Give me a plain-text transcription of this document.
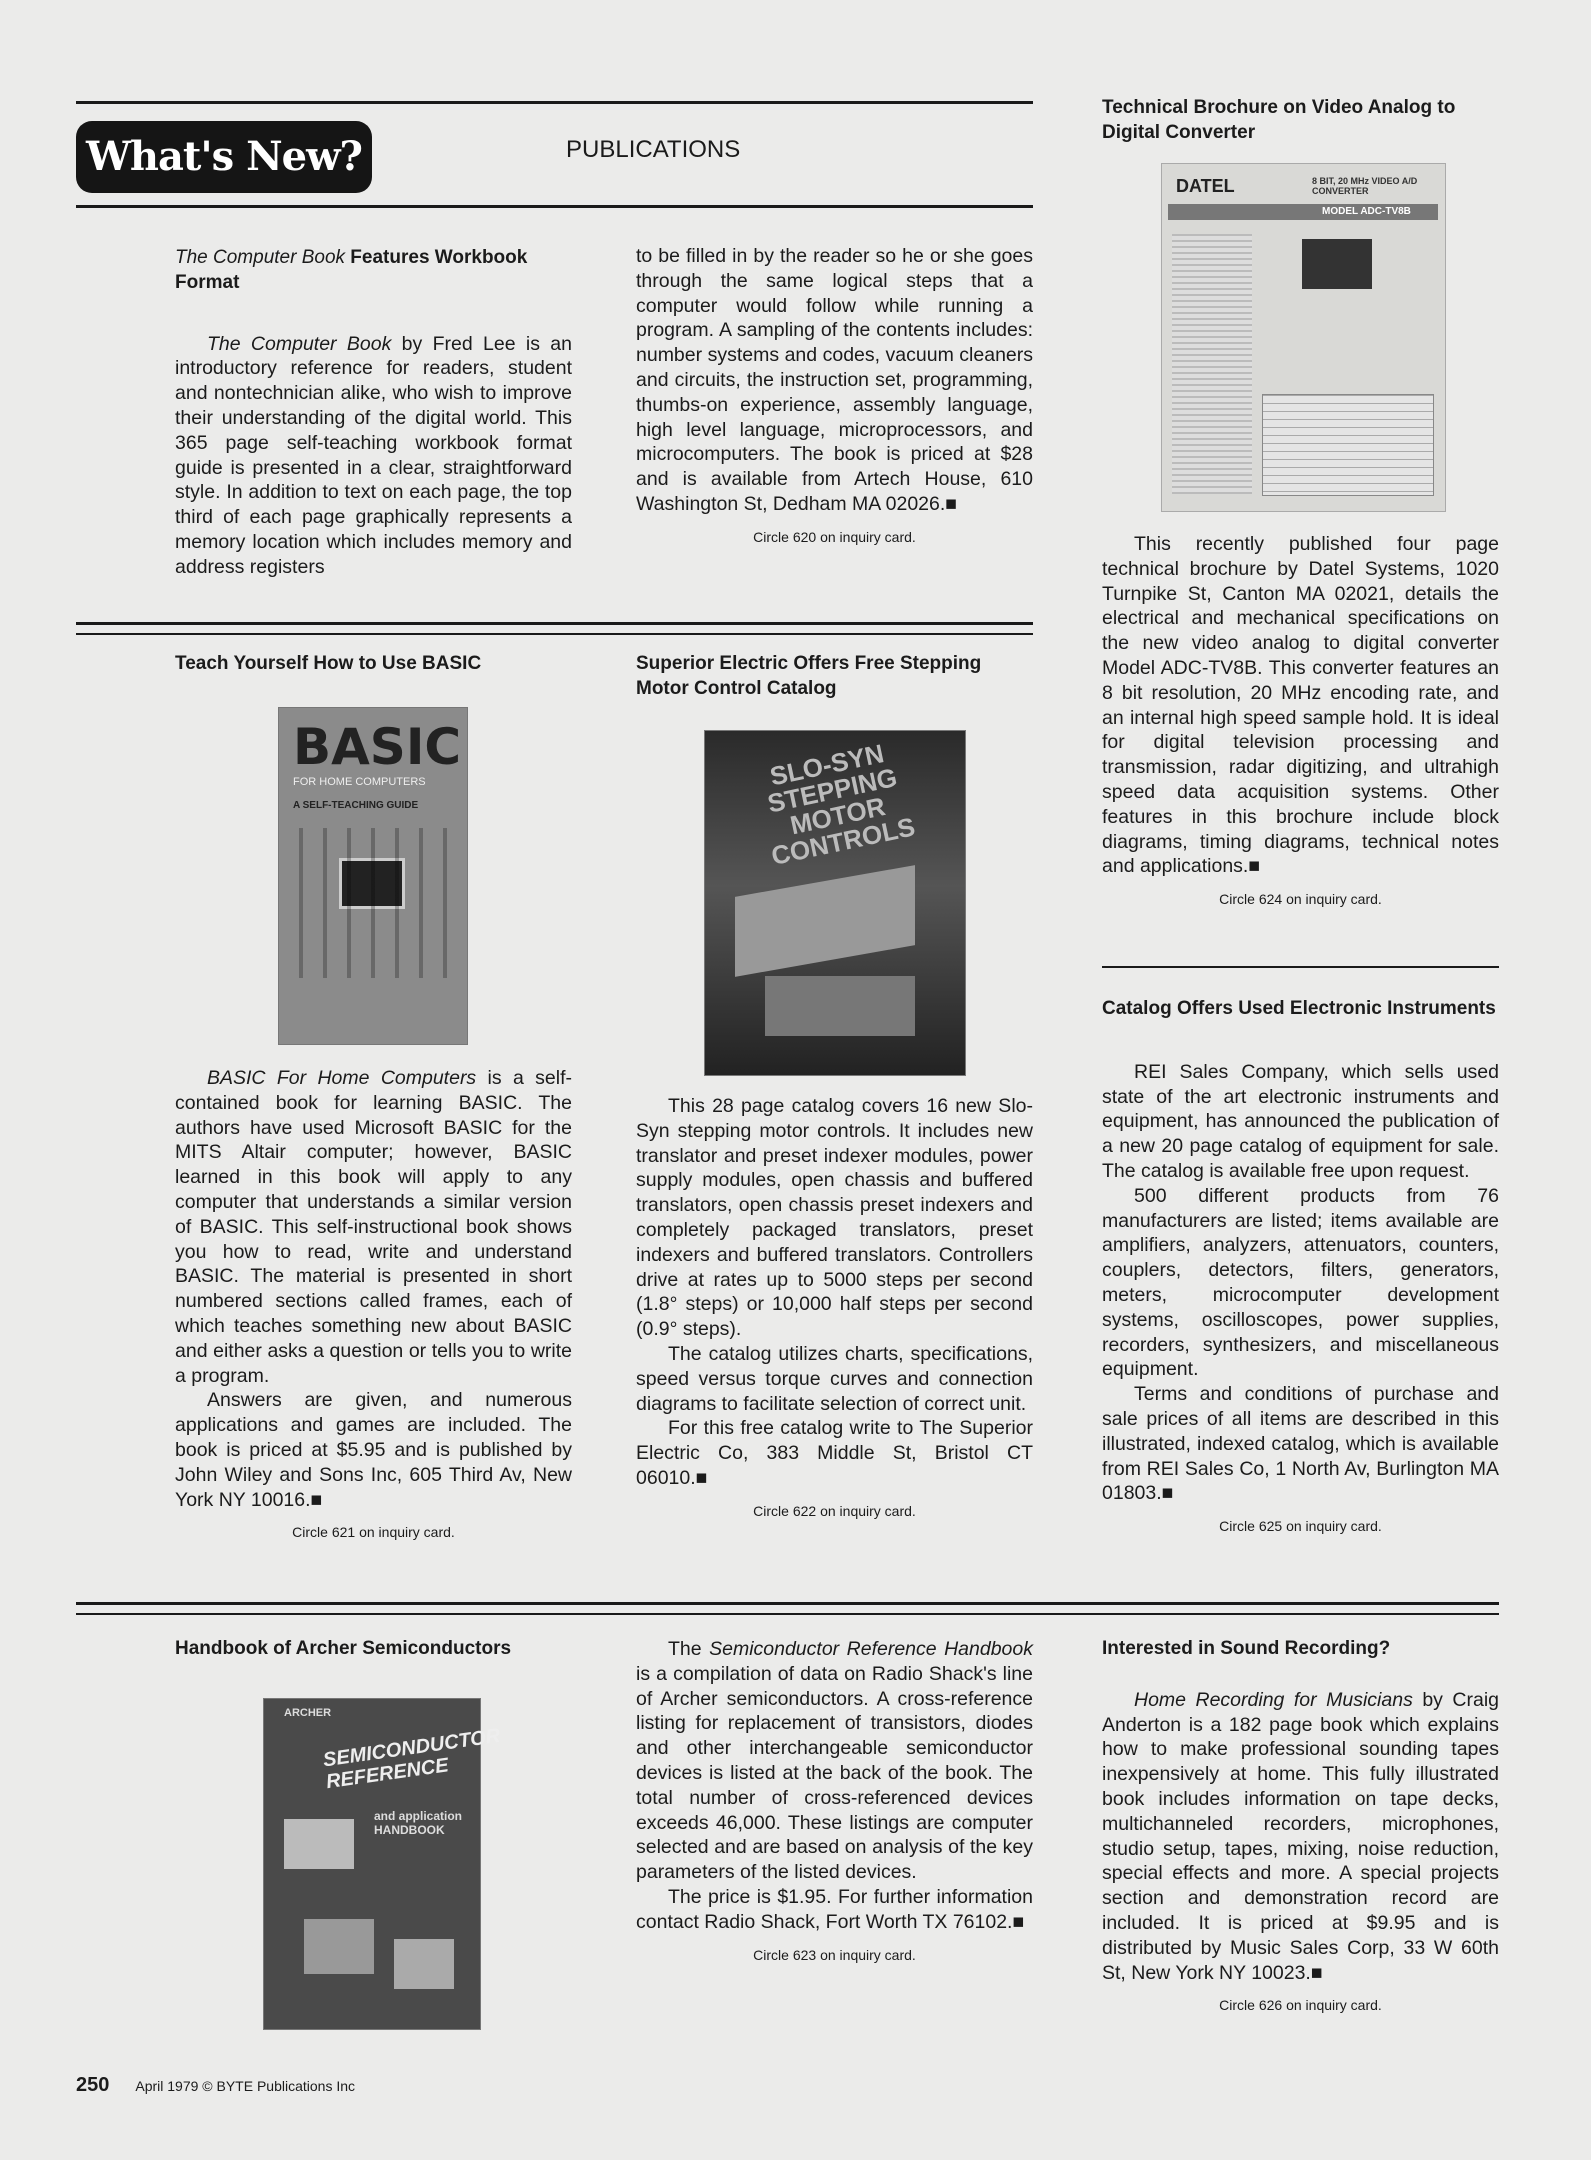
What's New?	PUBLICATIONS
The Computer Book Features Workbook Format

The Computer Book by Fred Lee is an introductory reference for readers, student and nontechnician alike, who wish to improve their understanding of the digital world. This 365 page self-teaching workbook format guide is presented in a clear, straightforward style. In addition to text on each page, the top third of each page graphically represents a memory location which includes memory and address registers

to be filled in by the reader so he or she goes through the same logical steps that a computer would follow while running a program. A sampling of the contents includes: number systems and codes, vacuum cleaners and circuits, the instruction set, programming, thumbs-on experience, assembly language, high level language, microprocessors, and microcomputers. The book is priced at $28 and is available from Artech House, 610 Washington St, Dedham MA 02026.■

Circle 620 on inquiry card.
Technical Brochure on Video Analog to Digital Converter
DATEL	8 BIT, 20 MHz VIDEO A/D CONVERTER
MODEL ADC-TV8B

This recently published four page technical brochure by Datel Systems, 1020 Turnpike St, Canton MA 02021, details the electrical and mechanical specifications on the new video analog to digital converter Model ADC-TV8B. This converter features an 8 bit resolution, 20 MHz encoding rate, and an internal high speed sample hold. It is ideal for digital television processing and transmission, radar digitizing, and ultrahigh speed data acquisition systems. Other features in this brochure include block diagrams, timing diagrams, technical notes and applications.■

Circle 624 on inquiry card.
Teach Yourself How to Use BASIC
BASIC
FOR HOME COMPUTERS
A SELF-TEACHING GUIDE

BASIC For Home Computers is a self-contained book for learning BASIC. The authors have used Microsoft BASIC for the MITS Altair computer; however, BASIC learned in this book will apply to any computer that understands a similar version of BASIC. This self-instructional book shows you how to read, write and understand BASIC. The material is presented in short numbered sections called frames, each of which teaches something new about BASIC and either asks a question or tells you to write a program.

Answers are given, and numerous applications and games are included. The book is priced at $5.95 and is published by John Wiley and Sons Inc, 605 Third Av, New York NY 10016.■

Circle 621 on inquiry card.
Superior Electric Offers Free Stepping Motor Control Catalog
SLO-SYN STEPPING MOTOR CONTROLS

This 28 page catalog covers 16 new Slo-Syn stepping motor controls. It includes new translator and preset indexer modules, power supply modules, open chassis and buffered translators, open chassis preset indexers and completely packaged translators, preset indexers and buffered translators. Controllers drive at rates up to 5000 steps per second (1.8° steps) or 10,000 half steps per second (0.9° steps).

The catalog utilizes charts, specifications, speed versus torque curves and connection diagrams to facilitate selection of correct unit.

For this free catalog write to The Superior Electric Co, 383 Middle St, Bristol CT 06010.■

Circle 622 on inquiry card.
Catalog Offers Used Electronic Instruments

REI Sales Company, which sells used state of the art electronic instruments and equipment, has announced the publication of a new 20 page catalog of equipment for sale. The catalog is available free upon request.

500 different products from 76 manufacturers are listed; items available are amplifiers, analyzers, attenuators, counters, couplers, detectors, filters, generators, meters, microcomputer development systems, oscilloscopes, power supplies, recorders, synthesizers, and miscellaneous equipment.

Terms and conditions of purchase and sale prices of all items are described in this illustrated, indexed catalog, which is available from REI Sales Co, 1 North Av, Burlington MA 01803.■

Circle 625 on inquiry card.
Handbook of Archer Semiconductors
ARCHER
SEMICONDUCTOR REFERENCE
and application HANDBOOK

The Semiconductor Reference Handbook is a compilation of data on Radio Shack's line of Archer semiconductors. A cross-reference listing for replacement of transistors, diodes and other interchangeable semiconductor devices is listed at the back of the book. The total number of cross-referenced devices exceeds 46,000. These listings are computer selected and are based on analysis of the key parameters of the listed devices.

The price is $1.95. For further information contact Radio Shack, Fort Worth TX 76102.■

Circle 623 on inquiry card.
Interested in Sound Recording?

Home Recording for Musicians by Craig Anderton is a 182 page book which explains how to make professional sounding tapes inexpensively at home. This fully illustrated book includes information on tape decks, multichanneled recorders, microphones, studio setup, tapes, mixing, noise reduction, special effects and more. A special projects section and demonstration record are included. It is priced at $9.95 and is distributed by Music Sales Corp, 33 W 60th St, New York NY 10023.■

Circle 626 on inquiry card.
250 April 1979 © BYTE Publications Inc
